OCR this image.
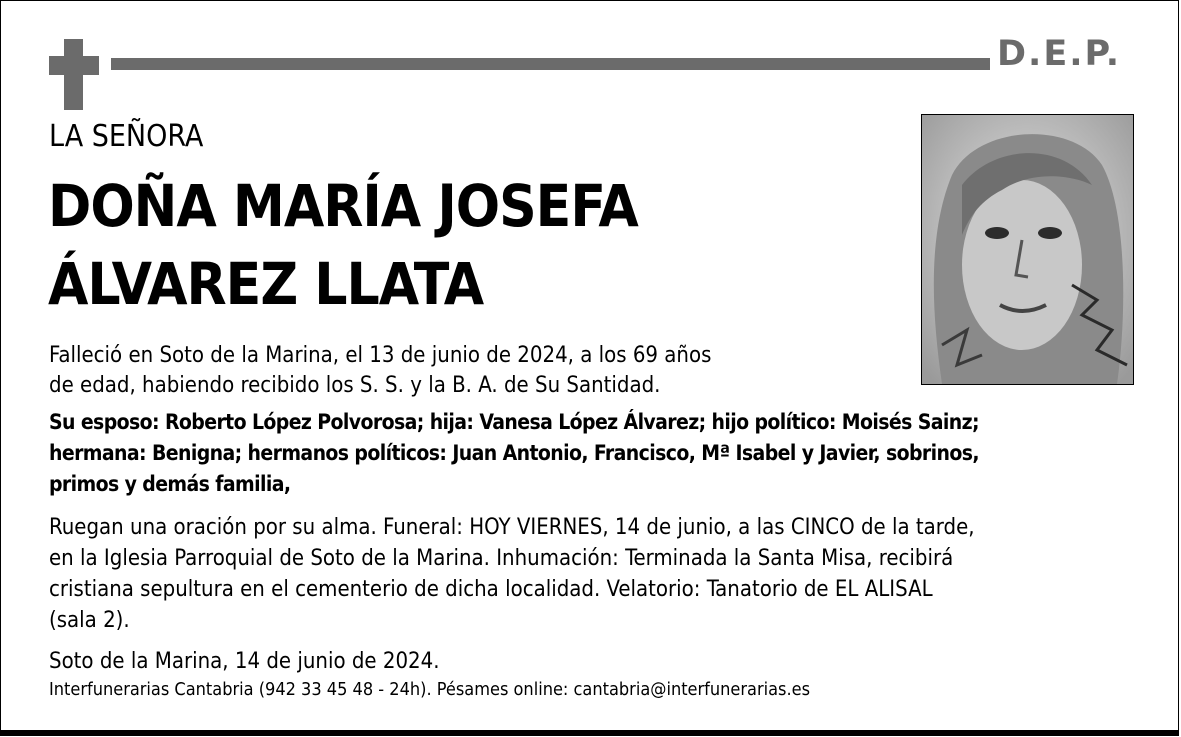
D.E.P.
LA SEÑORA
DOÑA MARÍA JOSEFA
ÁLVAREZ LLATA
Falleció en Soto de la Marina, el 13 de junio de 2024, a los 69 años
de edad, habiendo recibido los S. S. y la B. A. de Su Santidad.
Su esposo: Roberto López Polvorosa; hija: Vanesa López Álvarez; hijo político: Moisés Sainz;
hermana: Benigna; hermanos políticos: Juan Antonio, Francisco, Mª Isabel y Javier, sobrinos,
primos y demás familia,
Ruegan una oración por su alma. Funeral: HOY VIERNES, 14 de junio, a las CINCO de la tarde,
en la Iglesia Parroquial de Soto de la Marina. Inhumación: Terminada la Santa Misa, recibirá
cristiana sepultura en el cementerio de dicha localidad. Velatorio: Tanatorio de EL ALISAL
(sala 2).
Soto de la Marina, 14 de junio de 2024.
Interfunerarias Cantabria (942 33 45 48 - 24h). Pésames online: cantabria@interfunerarias.es
